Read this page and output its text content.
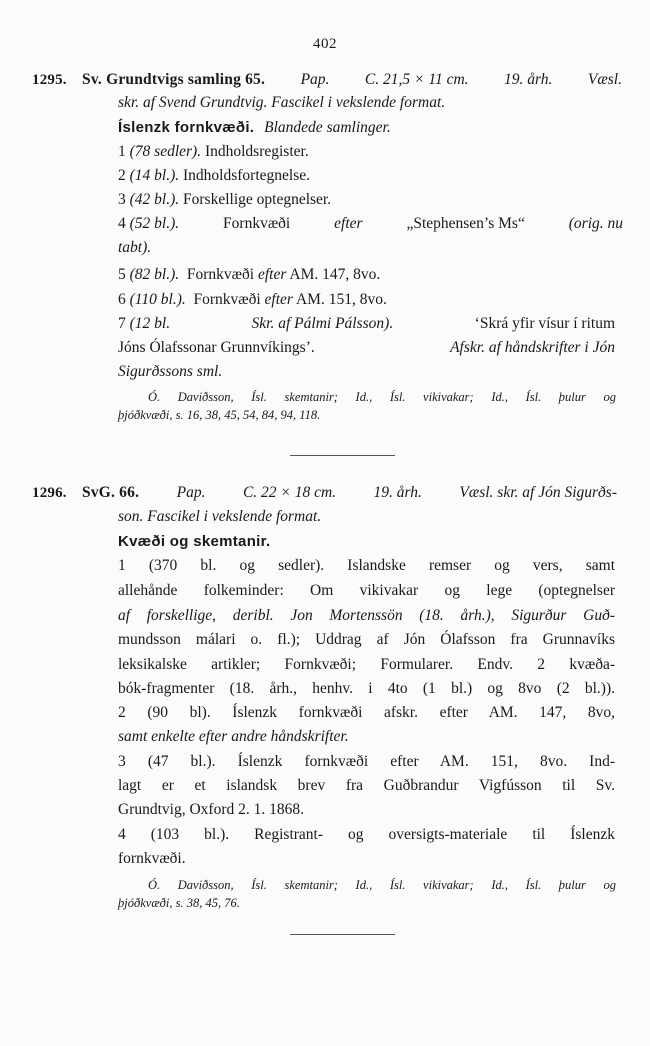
402
1295. Sv. Grundtvigs samling 65. Pap. C. 21,5 × 11 cm. 19. årh. Væsl.
skr. af Svend Grundtvig. Fascikel i vekslende format.
Íslenzk fornkvæði. Blandede samlinger.
1 (78 sedler). Indholdsregister.
2 (14 bl.). Indholdsfortegnelse.
3 (42 bl.). Forskellige optegnelser.
4 (52 bl.).	Fornkvæði	efter	„Stephensen’s Ms“	(orig. nu
tabt).
5 (82 bl.). Fornkvæði efter AM. 147, 8vo.
6 (110 bl.). Fornkvæði efter AM. 151, 8vo.
7 (12 bl.	Skr. af Pálmi Pálsson).	‘Skrá yfir vísur í ritum
Jóns Ólafssonar Grunnvíkings’.	Afskr. af håndskrifter i Jón
Sigurðssons sml.
Ó. Daviðsson, Ísl. skemtanir; Id., Ísl. vikivakar; Id., Ísl. þulur og
þjóðkvæði, s. 16, 38, 45, 54, 84, 94, 118.
1296. SvG. 66. Pap. C. 22 × 18 cm. 19. årh. Væsl. skr. af Jón Sigurðs-
son. Fascikel i vekslende format.
Kvæði og skemtanir.
1 (370 bl. og sedler). Islandske remser og vers, samt
allehånde folkeminder: Om vikivakar og lege (optegnelser
af forskellige, deribl. Jon Mortenssön (18. årh.), Sigurður Guð-
mundsson málari o. fl.); Uddrag af Jón Ólafsson fra Grunnavíks
leksikalske artikler; Fornkvæði; Formularer. Endv. 2 kvæða-
bók-fragmenter (18. årh., henhv. i 4to (1 bl.) og 8vo (2 bl.)).
2 (90 bl). Íslenzk fornkvæði afskr. efter AM. 147, 8vo,
samt enkelte efter andre håndskrifter.
3 (47 bl.). Íslenzk fornkvæði efter AM. 151, 8vo. Ind-
lagt er et islandsk brev fra Guðbrandur Vigfússon til Sv.
Grundtvig, Oxford 2. 1. 1868.
4 (103 bl.). Registrant- og oversigts-materiale til Íslenzk
fornkvæði.
Ó. Daviðsson, Ísl. skemtanir; Id., Ísl. vikivakar; Id., Ísl. þulur og
þjóðkvæði, s. 38, 45, 76.
